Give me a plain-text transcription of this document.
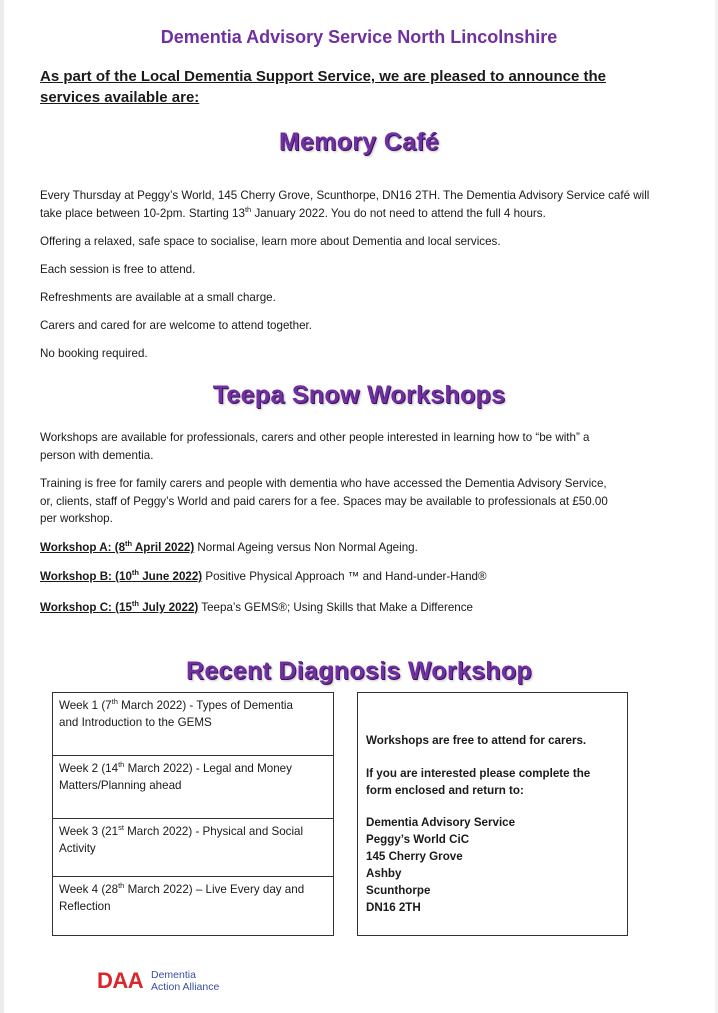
Dementia Advisory Service North Lincolnshire
As part of the Local Dementia Support Service, we are pleased to announce the
services available are:
Memory Café
Every Thursday at Peggy’s World, 145 Cherry Grove, Scunthorpe, DN16 2TH. The Dementia Advisory Service café will
take place between 10-2pm. Starting 13th January 2022. You do not need to attend the full 4 hours.
Offering a relaxed, safe space to socialise, learn more about Dementia and local services.
Each session is free to attend.
Refreshments are available at a small charge.
Carers and cared for are welcome to attend together.
No booking required.
Teepa Snow Workshops
Workshops are available for professionals, carers and other people interested in learning how to “be with” a
person with dementia.
Training is free for family carers and people with dementia who have accessed the Dementia Advisory Service,
or, clients, staff of Peggy’s World and paid carers for a fee. Spaces may be available to professionals at £50.00
per workshop.
Workshop A: (8th April 2022) Normal Ageing versus Non Normal Ageing.
Workshop B: (10th June 2022) Positive Physical Approach ™ and Hand-under-Hand®
Workshop C: (15th July 2022) Teepa’s GEMS®; Using Skills that Make a Difference
Recent Diagnosis Workshop
Week 1 (7th March 2022) - Types of Dementia
and Introduction to the GEMS
Week 2 (14th March 2022) - Legal and Money
Matters/Planning ahead
Week 3 (21st March 2022) - Physical and Social
Activity
Week 4 (28th March 2022) – Live Every day and
Reflection
Workshops are free to attend for carers.
If you are interested please complete the
form enclosed and return to:
Dementia Advisory Service
Peggy’s World CiC
145 Cherry Grove
Ashby
Scunthorpe
DN16 2TH
DAA Dementia
Action Alliance
